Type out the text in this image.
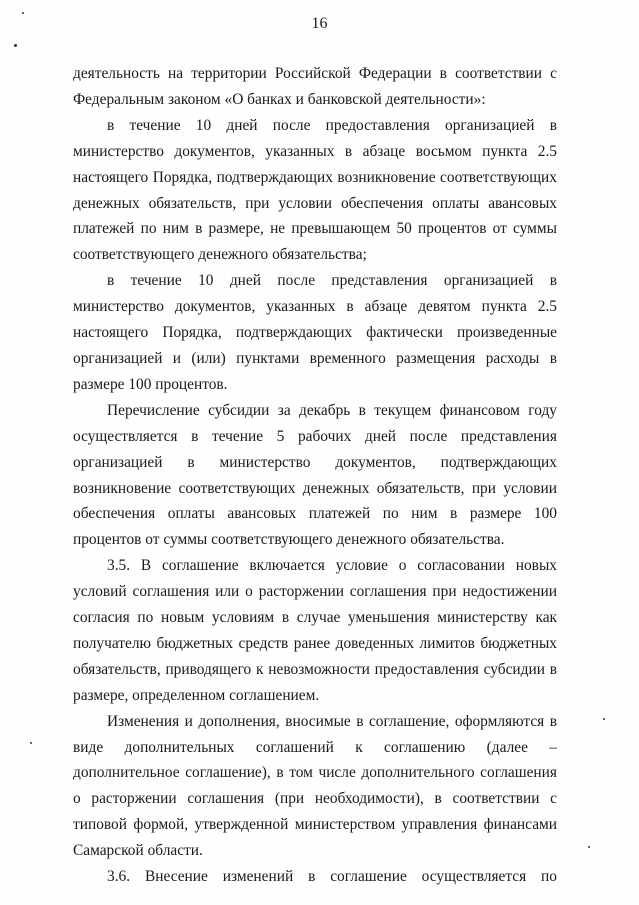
16

деятельность на территории Российской Федерации в соответствии с Федеральным законом «О банках и банковской деятельности»:

в течение 10 дней после предоставления организацией в министерство документов, указанных в абзаце восьмом пункта 2.5 настоящего Порядка, подтверждающих возникновение соответствующих денежных обязательств, при условии обеспечения оплаты авансовых платежей по ним в размере, не превышающем 50 процентов от суммы соответствующего денежного обязательства;

в течение 10 дней после представления организацией в министерство документов, указанных в абзаце девятом пункта 2.5 настоящего Порядка, подтверждающих фактически произведенные организацией и (или) пунктами временного размещения расходы в размере 100 процентов.

Перечисление субсидии за декабрь в текущем финансовом году осуществляется в течение 5 рабочих дней после представления организацией в министерство документов, подтверждающих возникновение соответствующих денежных обязательств, при условии обеспечения оплаты авансовых платежей по ним в размере 100 процентов от суммы соответствующего денежного обязательства.

3.5. В соглашение включается условие о согласовании новых условий соглашения или о расторжении соглашения при недостижении согласия по новым условиям в случае уменьшения министерству как получателю бюджетных средств ранее доведенных лимитов бюджетных обязательств, приводящего к невозможности предоставления субсидии в размере, определенном соглашением.

Изменения и дополнения, вносимые в соглашение, оформляются в виде дополнительных соглашений к соглашению (далее – дополнительное соглашение), в том числе дополнительного соглашения о расторжении соглашения (при необходимости), в соответствии с типовой формой, утвержденной министерством управления финансами Самарской области.

3.6. Внесение изменений в соглашение осуществляется по
